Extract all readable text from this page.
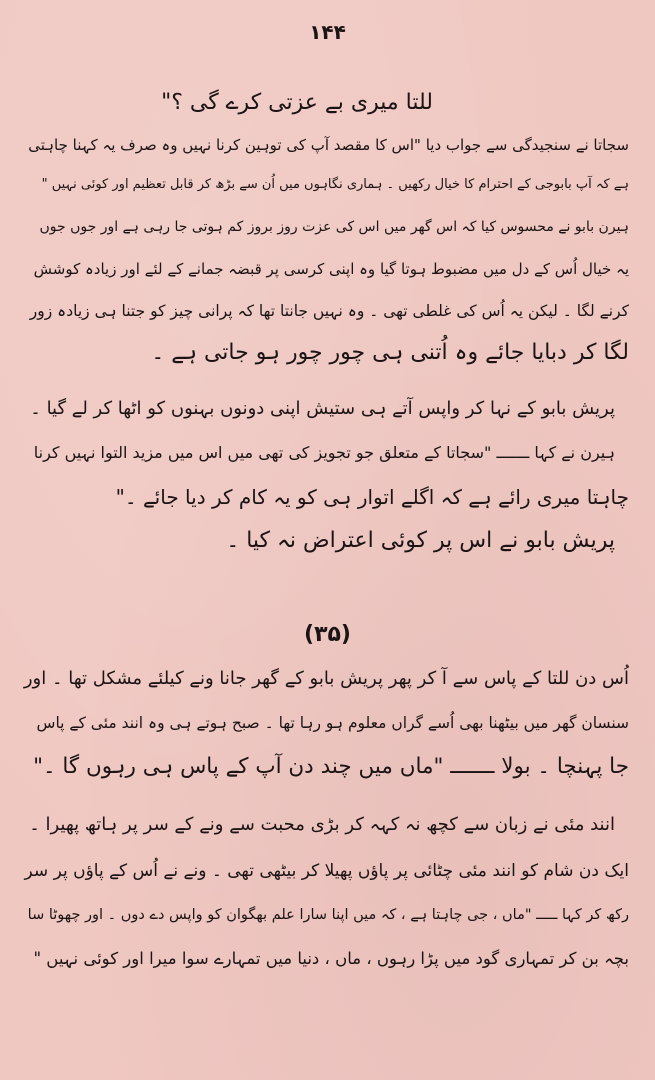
۱۴۴
للتا میری بے عزتی کرے گی ؟"
سجاتا نے سنجیدگی سے جواب دیا "اس کا مقصد آپ کی توہین کرنا نہیں وہ صرف یہ کہنا چاہتی
ہے کہ آپ بابوجی کے احترام کا خیال رکھیں ۔ ہماری نگاہوں میں اُن سے بڑھ کر قابل تعظیم اور کوئی نہیں "
ہیرن بابو نے محسوس کیا کہ اس گھر میں اس کی عزت روز بروز کم ہوتی جا رہی ہے اور جوں جوں
یہ خیال اُس کے دل میں مضبوط ہوتا گیا وہ اپنی کرسی پر قبضہ جمانے کے لئے اور زیادہ کوشش
کرنے لگا ۔ لیکن یہ اُس کی غلطی تھی ۔ وہ نہیں جانتا تھا کہ پرانی چیز کو جتنا ہی زیادہ زور
لگا کر دبایا جائے وہ اُتنی ہی چور چور ہو جاتی ہے ۔
پریش بابو کے نہا کر واپس آتے ہی ستیش اپنی دونوں بہنوں کو اٹھا کر لے گیا ۔
ہیرن نے کہا ـــــــ "سجاتا کے متعلق جو تجویز کی تھی میں اس میں مزید التوا نہیں کرنا
چاہتا میری رائے ہے کہ اگلے اتوار ہی کو یہ کام کر دیا جائے ۔"
پریش بابو نے اس پر کوئی اعتراض نہ کیا ۔
(۳۵)
اُس دن للتا کے پاس سے آ کر پھر پریش بابو کے گھر جانا ونے کیلئے مشکل تھا ۔ اور
سنسان گھر میں بیٹھنا بھی اُسے گراں معلوم ہو رہا تھا ۔ صبح ہوتے ہی وہ انند مئی کے پاس
جا پہنچا ۔ بولا ـــــــ "ماں میں چند دن آپ کے پاس ہی رہوں گا ۔"
انند مئی نے زبان سے کچھ نہ کہہ کر بڑی محبت سے ونے کے سر پر ہاتھ پھیرا ۔
ایک دن شام کو انند مئی چٹائی پر پاؤں پھیلا کر بیٹھی تھی ۔ ونے نے اُس کے پاؤں پر سر
رکھ کر کہا ـــــ "ماں ، جی چاہتا ہے ، کہ میں اپنا سارا علم بھگوان کو واپس دے دوں ۔ اور چھوٹا سا
بچہ بن کر تمہاری گود میں پڑا رہوں ، ماں ، دنیا میں تمہارے سوا میرا اور کوئی نہیں "
